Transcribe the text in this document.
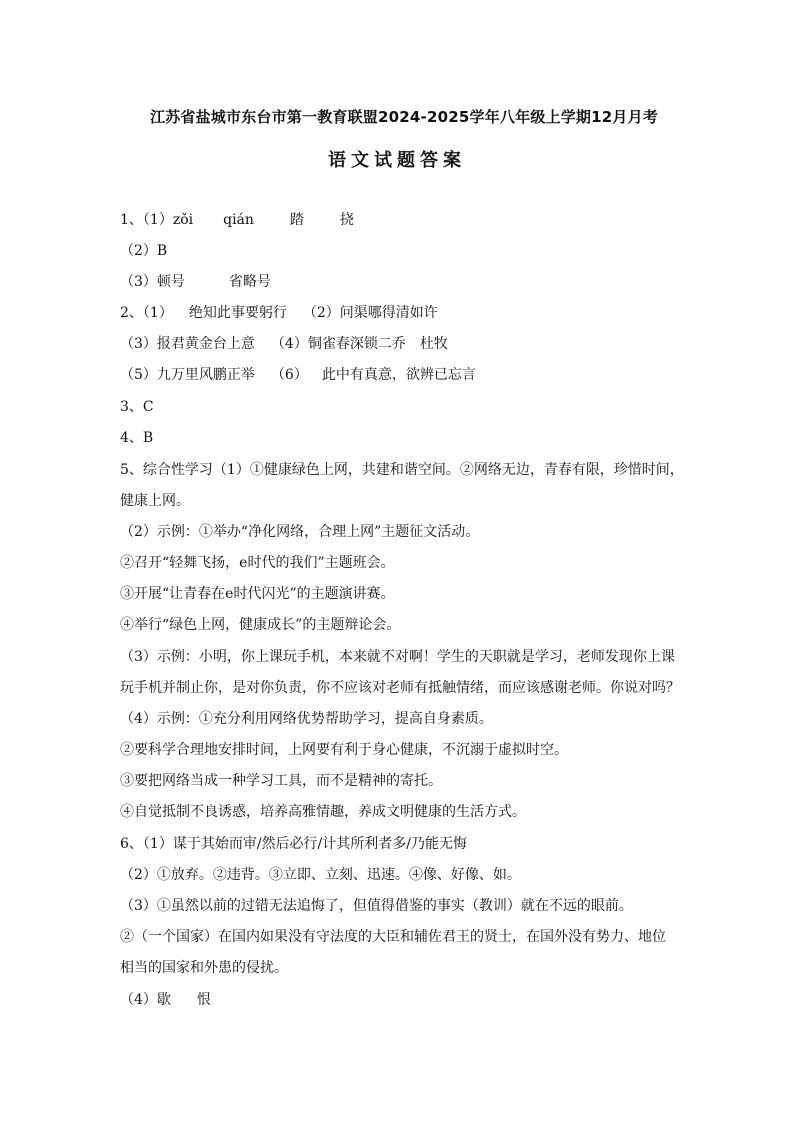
江苏省盐城市东台市第一教育联盟2024-2025学年八年级上学期12月月考
语文试题答案
1、（1）zǒi qián	踏	挠
（2）B
（3）顿号	省略号
2、（1） 绝知此事要躬行 （2）问渠哪得清如许
（3）报君黄金台上意 （4）铜雀春深锁二乔 杜牧
（5）九万里风鹏正举 （6） 此中有真意，欲辨已忘言
3、C
4、B
5、综合性学习（1）①健康绿色上网，共建和谐空间。②网络无边，青春有限，珍惜时间，
健康上网。
（2）示例：①举办“净化网络，合理上网”主题征文活动。
②召开“轻舞飞扬，e时代的我们”主题班会。
③开展“让青春在e时代闪光”的主题演讲赛。
④举行“绿色上网，健康成长”的主题辩论会。
（3）示例：小明，你上课玩手机，本来就不对啊！学生的天职就是学习，老师发现你上课
玩手机并制止你，是对你负责，你不应该对老师有抵触情绪，而应该感谢老师。你说对吗？
（4）示例：①充分利用网络优势帮助学习，提高自身素质。
②要科学合理地安排时间，上网要有利于身心健康，不沉溺于虚拟时空。
③要把网络当成一种学习工具，而不是精神的寄托。
④自觉抵制不良诱惑，培养高雅情趣，养成文明健康的生活方式。
6、（1）谋于其始而审/然后必行/计其所利者多/乃能无悔
（2）①放弃。②违背。③立即、立刻、迅速。④像、好像、如。
（3）①虽然以前的过错无法追悔了，但值得借鉴的事实（教训）就在不远的眼前。
②（一个国家）在国内如果没有守法度的大臣和辅佐君王的贤士，在国外没有势力、地位
相当的国家和外患的侵扰。
（4）歇 恨
